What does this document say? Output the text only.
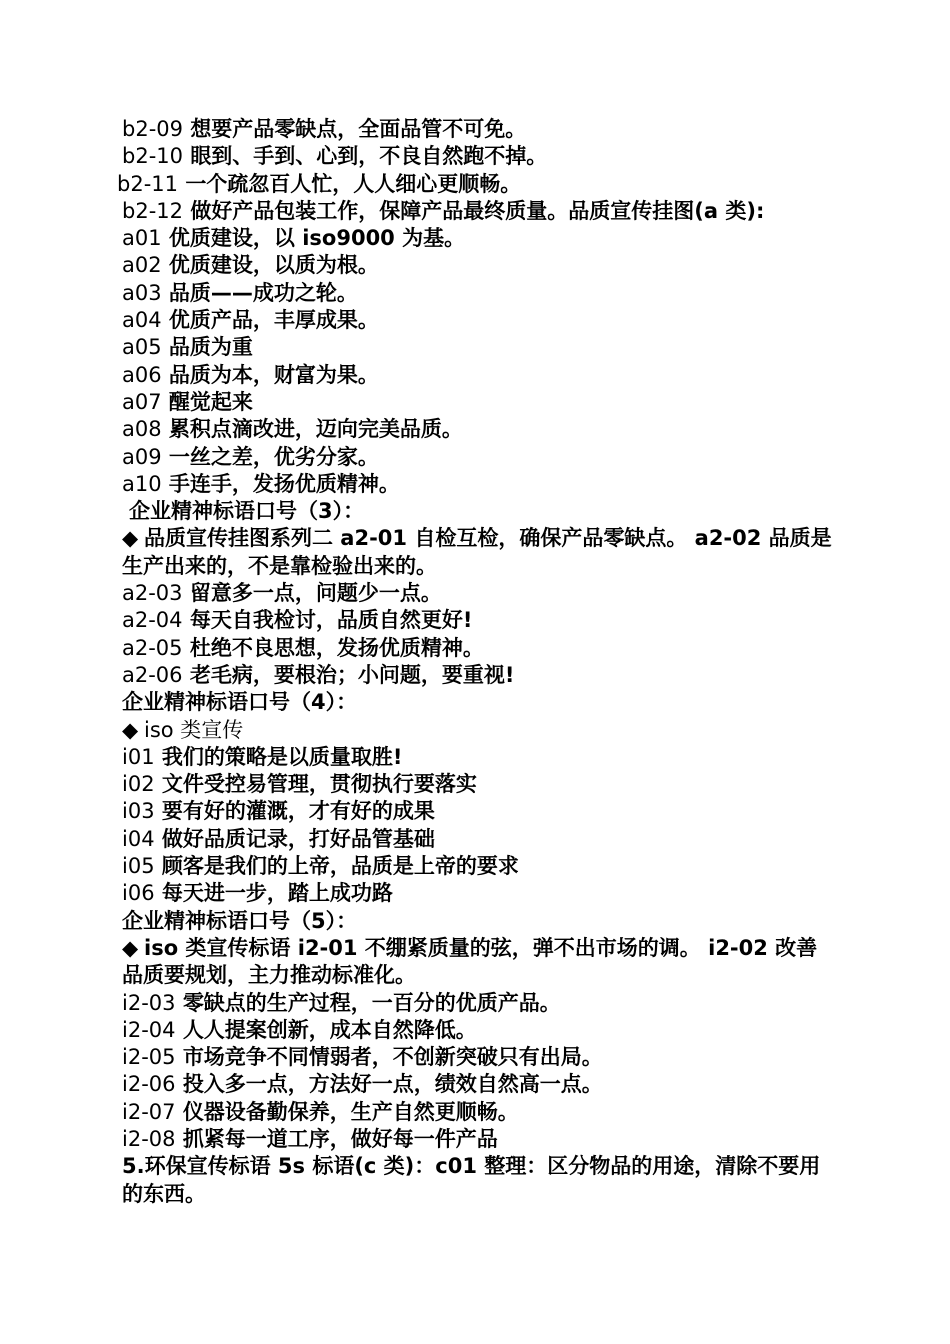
b2-09 想要产品零缺点，全面品管不可免。
b2-10 眼到、手到、心到，不良自然跑不掉。
b2-11 一个疏忽百人忙，人人细心更顺畅。
b2-12 做好产品包装工作，保障产品最终质量。品质宣传挂图(a 类):
a01 优质建设，以 iso9000 为基。
a02 优质建设，以质为根。
a03 品质——成功之轮。
a04 优质产品，丰厚成果。
a05 品质为重
a06 品质为本，财富为果。
a07 醒觉起来
a08 累积点滴改进，迈向完美品质。
a09 一丝之差，优劣分家。
a10 手连手，发扬优质精神。
企业精神标语口号（3）：
◆ 品质宣传挂图系列二 a2-01 自检互检，确保产品零缺点。 a2-02 品质是生产出来的，不是靠检验出来的。
a2-03 留意多一点，问题少一点。
a2-04 每天自我检讨，品质自然更好!
a2-05 杜绝不良思想，发扬优质精神。
a2-06 老毛病，要根治；小问题，要重视!
企业精神标语口号（4）：
◆ iso 类宣传
i01 我们的策略是以质量取胜!
i02 文件受控易管理，贯彻执行要落实
i03 要有好的灌溉，才有好的成果
i04 做好品质记录，打好品管基础
i05 顾客是我们的上帝，品质是上帝的要求
i06 每天进一步，踏上成功路
企业精神标语口号（5）：
◆ iso 类宣传标语 i2-01 不绷紧质量的弦，弹不出市场的调。 i2-02 改善品质要规划，主力推动标准化。
i2-03 零缺点的生产过程，一百分的优质产品。
i2-04 人人提案创新，成本自然降低。
i2-05 市场竞争不同情弱者，不创新突破只有出局。
i2-06 投入多一点，方法好一点，绩效自然高一点。
i2-07 仪器设备勤保养，生产自然更顺畅。
i2-08 抓紧每一道工序，做好每一件产品
5.环保宣传标语 5s 标语(c 类)：c01 整理：区分物品的用途，清除不要用的东西。
